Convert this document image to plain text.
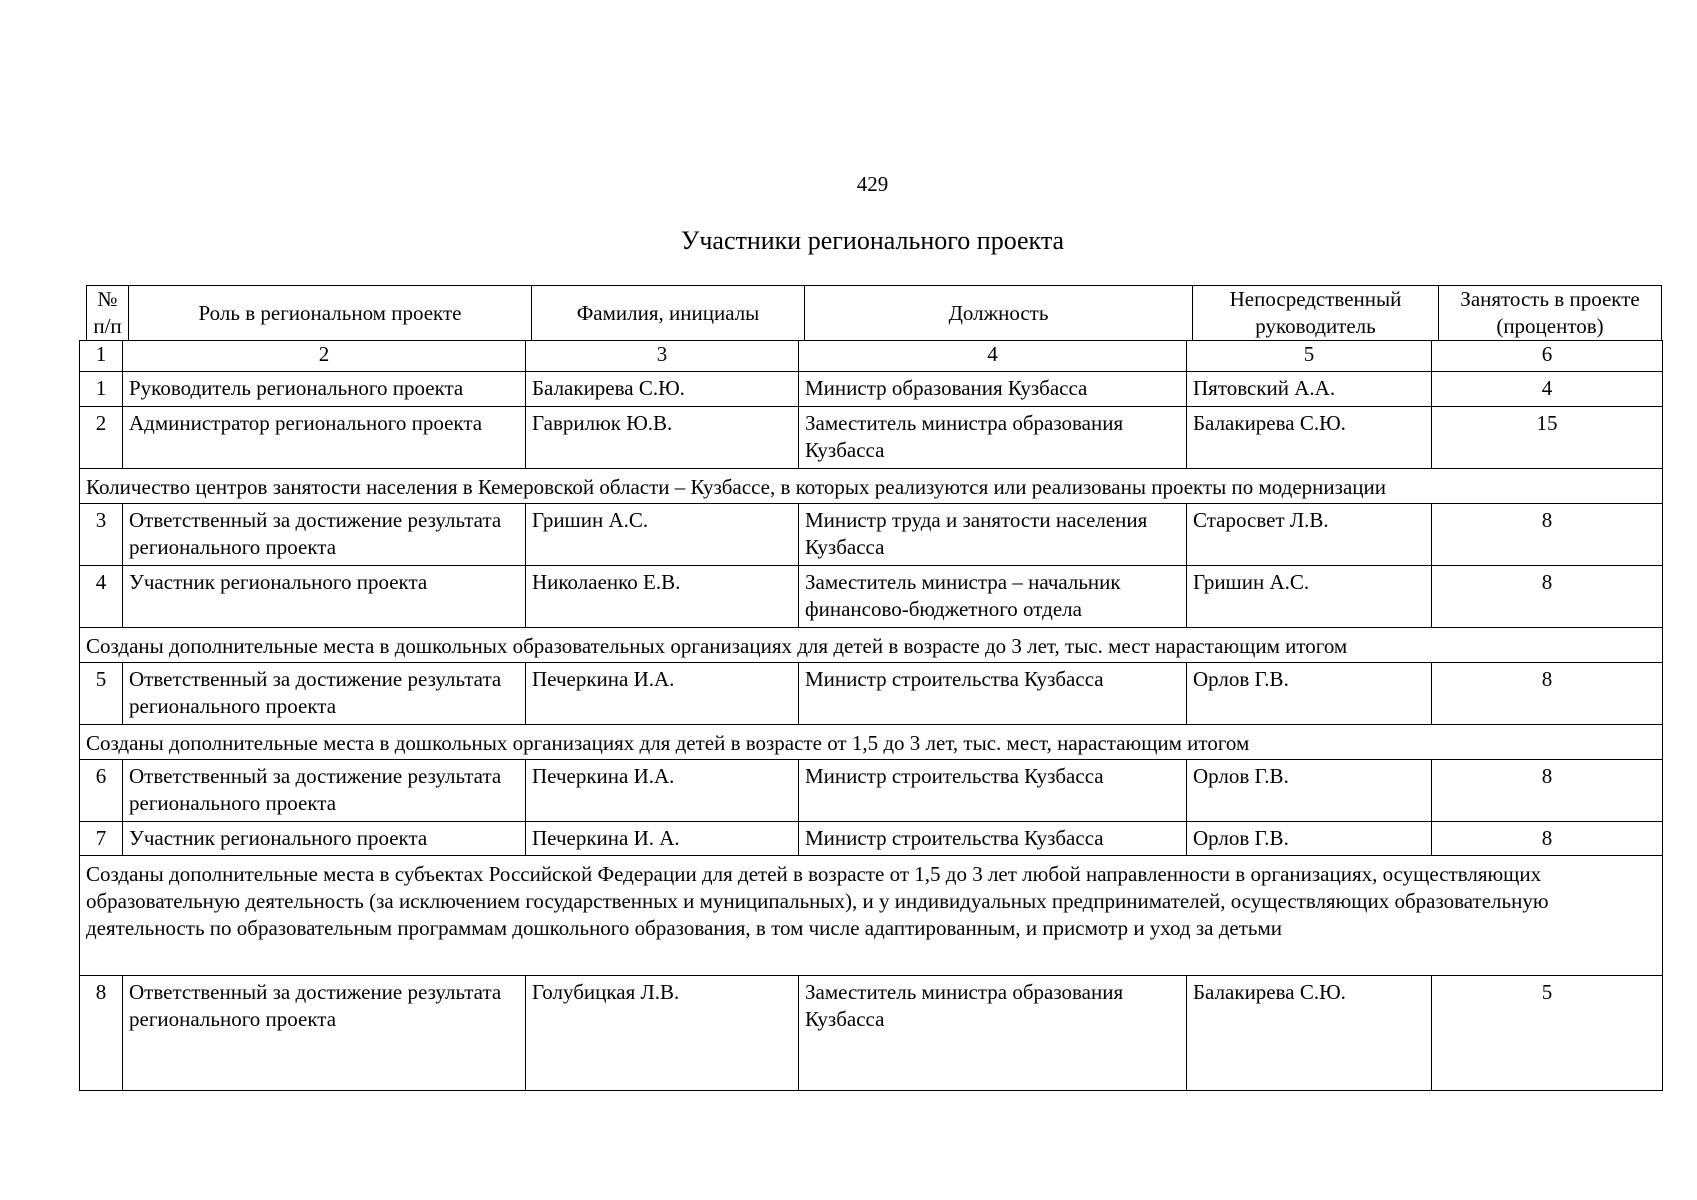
429
Участники регионального проекта
№ п/п	Роль в региональном проекте	Фамилия, инициалы	Должность	Непосредственный руководитель	Занятость в проекте (процентов)
1	2	3	4	5	6
1	Руководитель регионального проекта	Балакирева С.Ю.	Министр образования Кузбасса	Пятовский А.А.	4
2	Администратор регионального проекта	Гаврилюк Ю.В.	Заместитель министра образования Кузбасса	Балакирева С.Ю.	15
Количество центров занятости населения в Кемеровской области – Кузбассе, в которых реализуются или реализованы проекты по модернизации					
3	Ответственный за достижение результата регионального проекта	Гришин А.С.	Министр труда и занятости населения Кузбасса	Старосвет Л.В.	8
4	Участник регионального проекта	Николаенко Е.В.	Заместитель министра – начальник финансово-бюджетного отдела	Гришин А.С.	8
Созданы дополнительные места в дошкольных образовательных организациях для детей в возрасте до 3 лет, тыс. мест нарастающим итогом					
5	Ответственный за достижение результата регионального проекта	Печеркина И.А.	Министр строительства Кузбасса	Орлов Г.В.	8
Созданы дополнительные места в дошкольных организациях для детей в возрасте от 1,5 до 3 лет, тыс. мест, нарастающим итогом					
6	Ответственный за достижение результата регионального проекта	Печеркина И.А.	Министр строительства Кузбасса	Орлов Г.В.	8
7	Участник регионального проекта	Печеркина И. А.	Министр строительства Кузбасса	Орлов Г.В.	8
Созданы дополнительные места в субъектах Российской Федерации для детей в возрасте от 1,5 до 3 лет любой направленности в организациях, осуществляющих образовательную деятельность (за исключением государственных и муниципальных), и у индивидуальных предпринимателей, осуществляющих образовательную деятельность по образовательным программам дошкольного образования, в том числе адаптированным, и присмотр и уход за детьми					
8	Ответственный за достижение результата регионального проекта	Голубицкая Л.В.	Заместитель министра образования Кузбасса	Балакирева С.Ю.	5
